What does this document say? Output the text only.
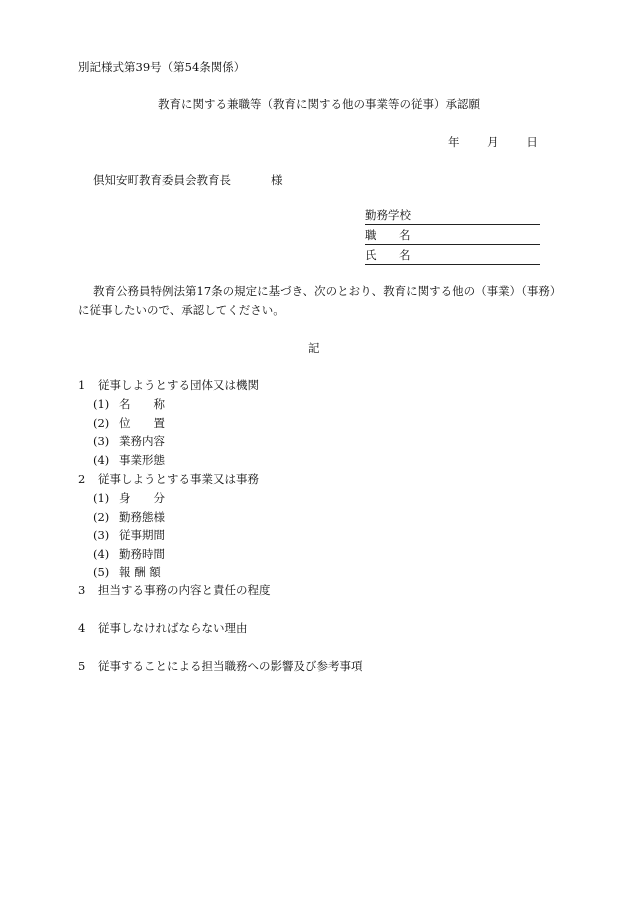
別記様式第39号（第54条関係）
教育に関する兼職等（教育に関する他の事業等の従事）承認願
年 月 日
倶知安町教育委員会教育長	様
勤務学校
職 名
氏 名
教育公務員特例法第17条の規定に基づき、次のとおり、教育に関する他の（事業）（事務）
に従事したいので、承認してください。
記
1 従事しようとする団体又は機関
(1) 名　　称
(2) 位　　置
(3) 業務内容
(4) 事業形態
2 従事しようとする事業又は事務
(1) 身　　分
(2) 勤務態様
(3) 従事期間
(4) 勤務時間
(5) 報 酬 額
3 担当する事務の内容と責任の程度
4 従事しなければならない理由
5 従事することによる担当職務への影響及び参考事項
